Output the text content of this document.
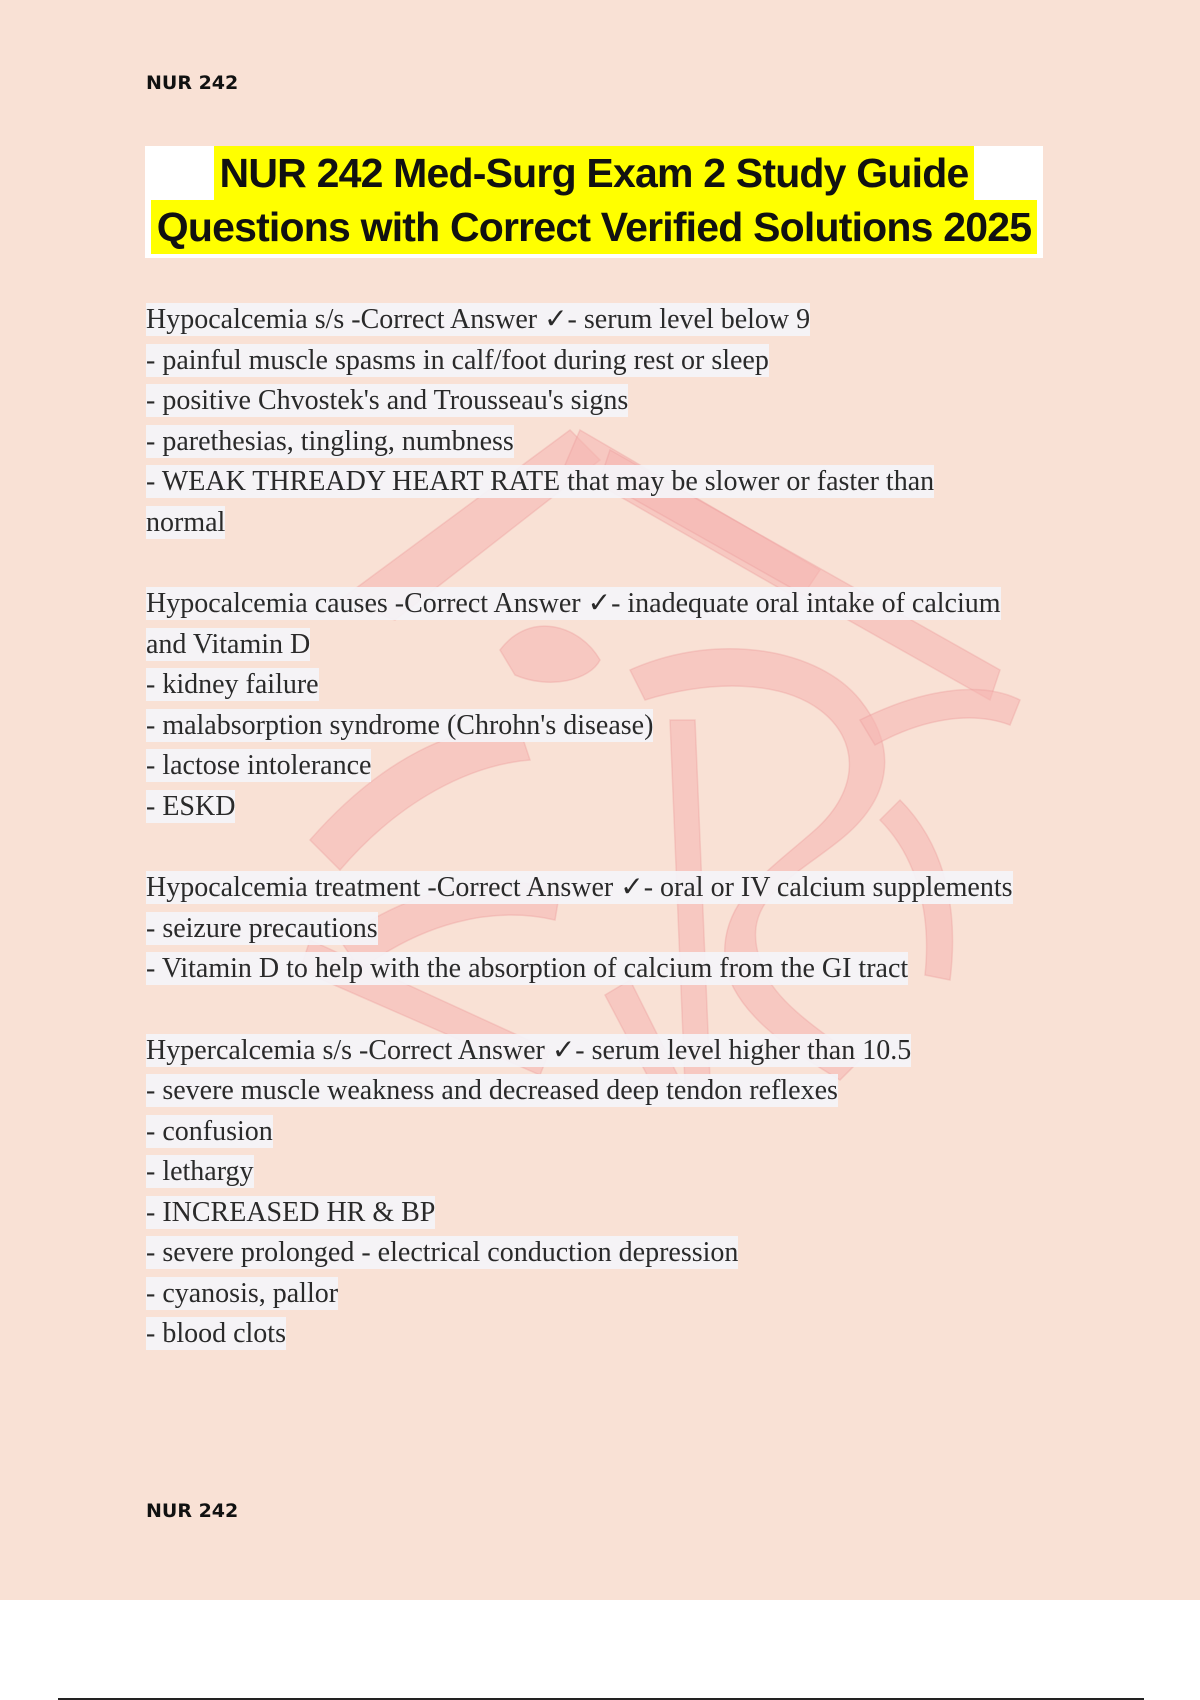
NUR 242
NUR 242 Med-Surg Exam 2 Study Guide
Questions with Correct Verified Solutions 2025
Hypocalcemia s/s -Correct Answer ✓- serum level below 9
- painful muscle spasms in calf/foot during rest or sleep
- positive Chvostek's and Trousseau's signs
- parethesias, tingling, numbness
- WEAK THREADY HEART RATE that may be slower or faster than
normal
Hypocalcemia causes -Correct Answer ✓- inadequate oral intake of calcium
and Vitamin D
- kidney failure
- malabsorption syndrome (Chrohn's disease)
- lactose intolerance
- ESKD
Hypocalcemia treatment -Correct Answer ✓- oral or IV calcium supplements
- seizure precautions
- Vitamin D to help with the absorption of calcium from the GI tract
Hypercalcemia s/s -Correct Answer ✓- serum level higher than 10.5
- severe muscle weakness and decreased deep tendon reflexes
- confusion
- lethargy
- INCREASED HR & BP
- severe prolonged - electrical conduction depression
- cyanosis, pallor
- blood clots
NUR 242
